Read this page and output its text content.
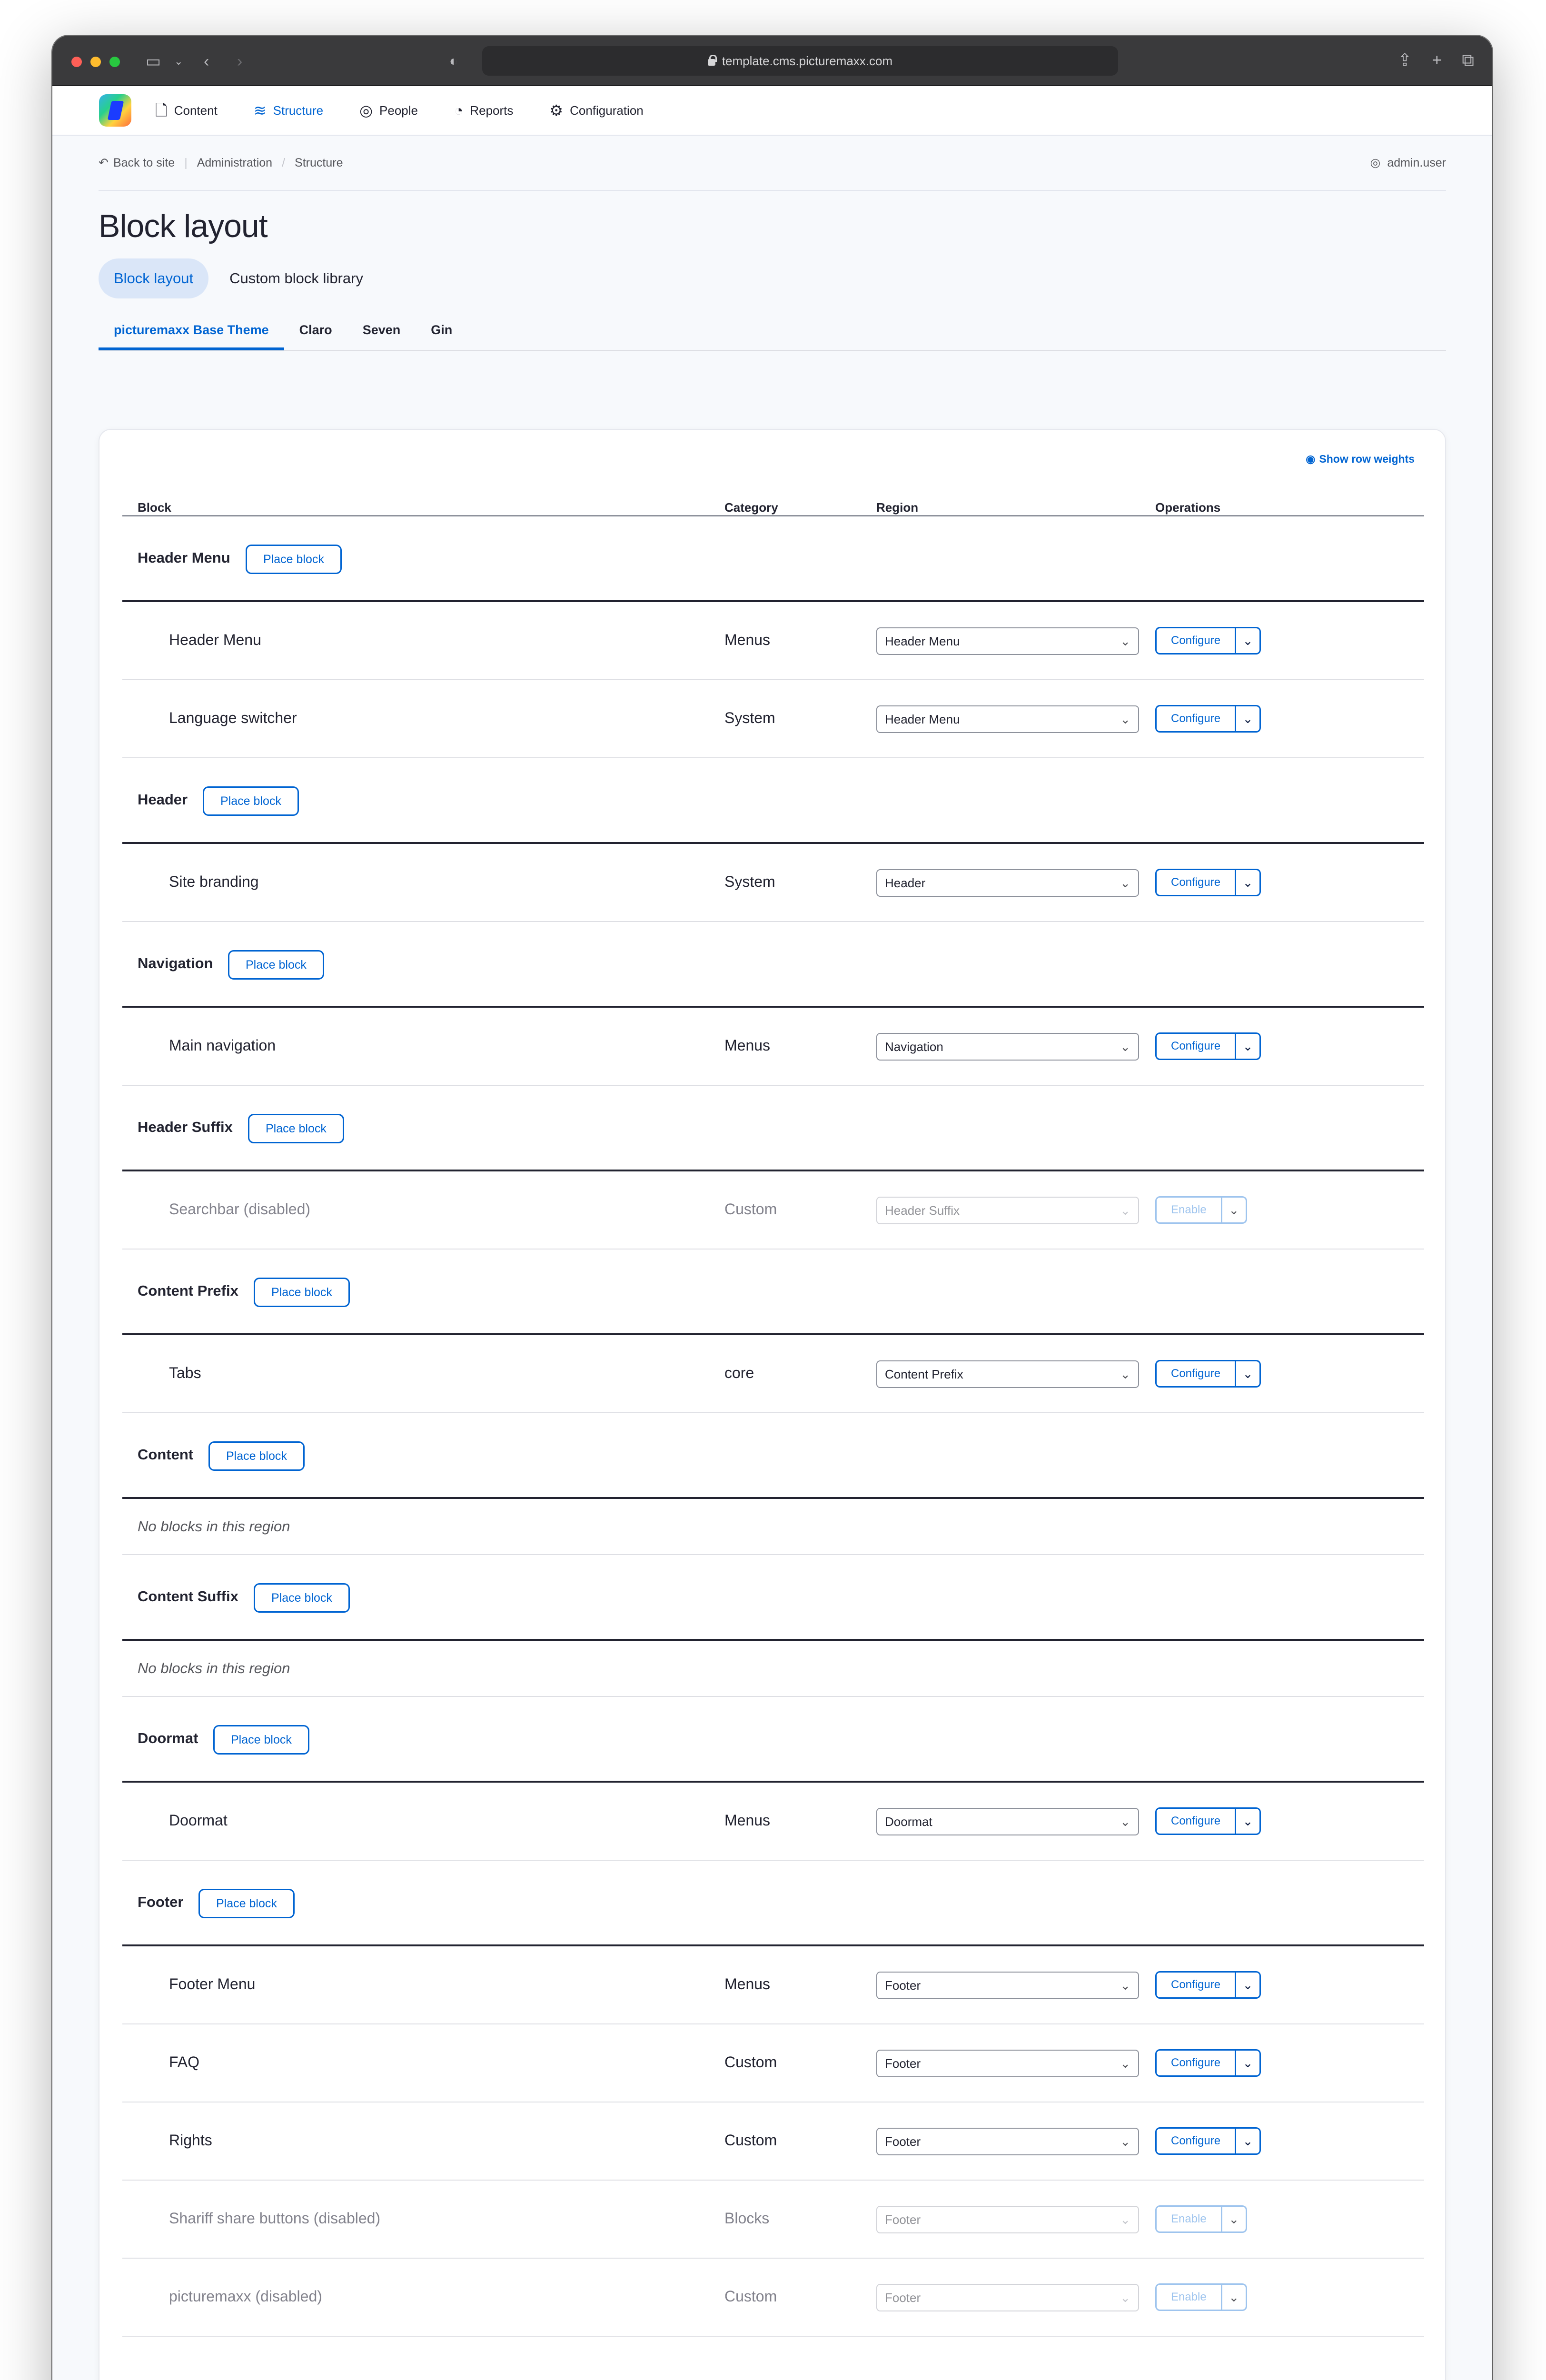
▭ ⌄ ‹ ›	◐	template.cms.picturemaxx.com	⇪ + ⧉
🗋 Content ≋ Structure ◎ People ◔ Reports ⚙ Configuration
↶ Back to site | Administration / Structure	◎ admin.user
Block layout
Block layout	Custom block library
picturemaxx Base Theme	Claro	Seven	Gin
◉ Show row weights
Block	Category	Region	Operations
Header Menu	Place block
Header Menu	Menus	Header Menu	⌄	Configure	⌄
Language switcher	System	Header Menu	⌄	Configure	⌄
Header	Place block
Site branding	System	Header	⌄	Configure	⌄
Navigation	Place block
Main navigation	Menus	Navigation	⌄	Configure	⌄
Header Suffix	Place block
Searchbar (disabled)	Custom	Header Suffix	⌄	Enable	⌄
Content Prefix	Place block
Tabs	core	Content Prefix	⌄	Configure	⌄
Content	Place block
No blocks in this region
Content Suffix	Place block
No blocks in this region
Doormat	Place block
Doormat	Menus	Doormat	⌄	Configure	⌄
Footer	Place block
Footer Menu	Menus	Footer	⌄	Configure	⌄
FAQ	Custom	Footer	⌄	Configure	⌄
Rights	Custom	Footer	⌄	Configure	⌄
Shariff share buttons (disabled)	Blocks	Footer	⌄	Enable	⌄
picturemaxx (disabled)	Custom	Footer	⌄	Enable	⌄
